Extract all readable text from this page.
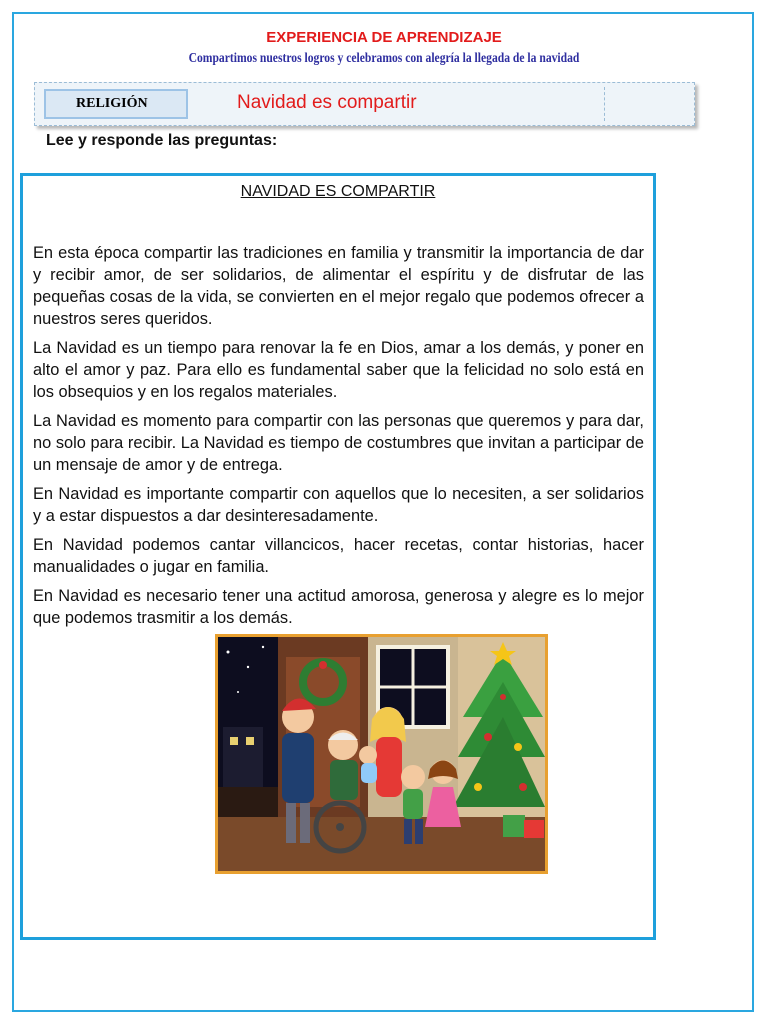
EXPERIENCIA DE APRENDIZAJE
Compartimos nuestros logros y celebramos con alegría la llegada de la navidad
RELIGIÓN	Navidad es compartir
Lee y responde las preguntas:
NAVIDAD ES COMPARTIR

En esta época compartir las tradiciones en familia y transmitir la importancia de dar y recibir amor, de ser solidarios, de alimentar el espíritu y de disfrutar de las pequeñas cosas de la vida, se convierten en el mejor regalo que podemos ofrecer a nuestros seres queridos.

La Navidad es un tiempo para renovar la fe en Dios, amar a los demás, y poner en alto el amor y paz. Para ello es fundamental saber que la felicidad no solo está en los obsequios y en los regalos materiales.

La Navidad es momento para compartir con las personas que queremos y para dar, no solo para recibir. La Navidad es tiempo de costumbres que invitan a participar de un mensaje de amor y de entrega.

En Navidad es importante compartir con aquellos que lo necesiten, a ser solidarios y a estar dispuestos a dar desinteresadamente.

En Navidad podemos cantar villancicos, hacer recetas, contar historias, hacer manualidades o jugar en familia.

En Navidad es necesario tener una actitud amorosa, generosa y alegre es lo mejor que podemos trasmitir a los demás.
